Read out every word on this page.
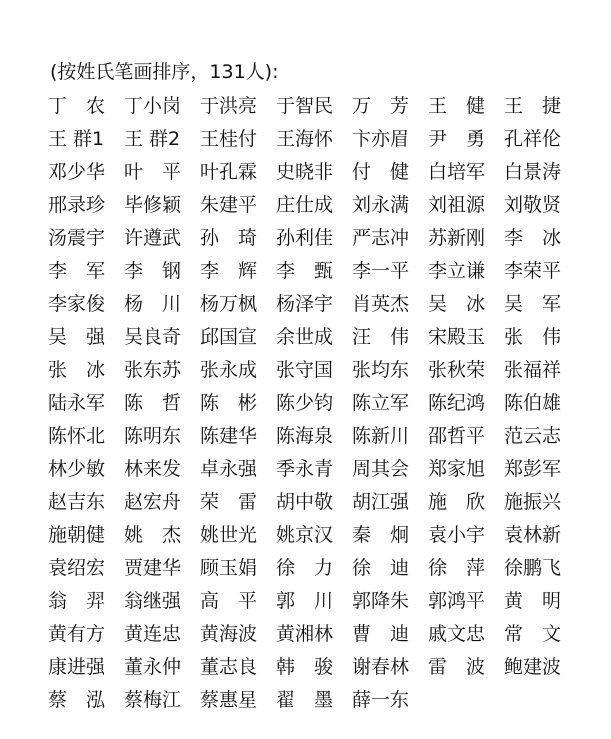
(按姓氏笔画排序，131人):
丁　农 丁小岗 于洪亮 于智民 万　芳 王　健 王　捷
王 群1	王 群2	王桂付 王海怀 卞亦眉 尹　勇 孔祥伦
邓少华 叶　平 叶孔霖 史晓非 付　健 白培军 白景涛
邢录珍 毕修颖 朱建平 庄仕成 刘永满 刘祖源 刘敬贤
汤震宇 许遵武 孙　琦 孙利佳 严志冲 苏新刚 李　冰
李　军 李　钢 李　辉 李　甄 李一平 李立谦 李荣平
李家俊 杨　川 杨万枫 杨泽宇 肖英杰 吴　冰 吴　军
吴　强 吴良奇 邱国宣 余世成 汪　伟 宋殿玉 张　伟
张　冰 张东苏 张永成 张守国 张均东 张秋荣 张福祥
陆永军 陈　哲 陈　彬 陈少钧 陈立军 陈纪鸿 陈伯雄
陈怀北 陈明东 陈建华 陈海泉 陈新川 邵哲平 范云志
林少敏 林来发 卓永强 季永青 周其会 郑家旭 郑彭军
赵吉东 赵宏舟 荣　雷 胡中敬 胡江强 施　欣 施振兴
施朝健 姚　杰 姚世光 姚京汉 秦　炯 袁小宇 袁林新
袁绍宏 贾建华 顾玉娟 徐　力 徐　迪 徐　萍 徐鹏飞
翁　羿 翁继强 高　平 郭　川 郭降朱 郭鸿平 黄　明
黄有方 黄连忠 黄海波 黄湘林 曹　迪 戚文忠 常　文
康进强 董永仲 董志良 韩　骏 谢春林 雷　波 鲍建波
蔡　泓 蔡梅江 蔡惠星 翟　墨 薛一东
